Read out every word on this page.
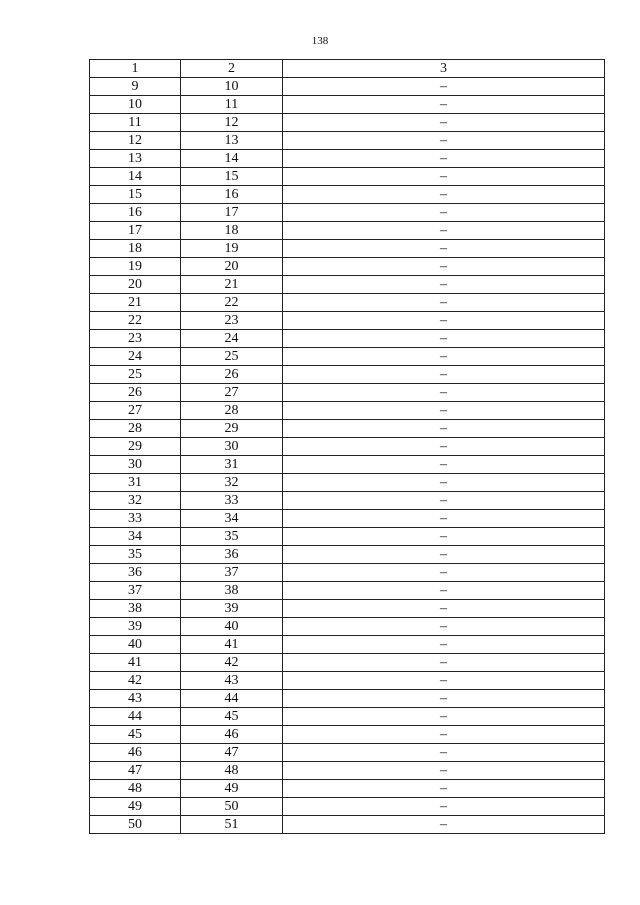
138
1	2	3
9	10	–
10	11	–
11	12	–
12	13	–
13	14	–
14	15	–
15	16	–
16	17	–
17	18	–
18	19	–
19	20	–
20	21	–
21	22	–
22	23	–
23	24	–
24	25	–
25	26	–
26	27	–
27	28	–
28	29	–
29	30	–
30	31	–
31	32	–
32	33	–
33	34	–
34	35	–
35	36	–
36	37	–
37	38	–
38	39	–
39	40	–
40	41	–
41	42	–
42	43	–
43	44	–
44	45	–
45	46	–
46	47	–
47	48	–
48	49	–
49	50	–
50	51	–
